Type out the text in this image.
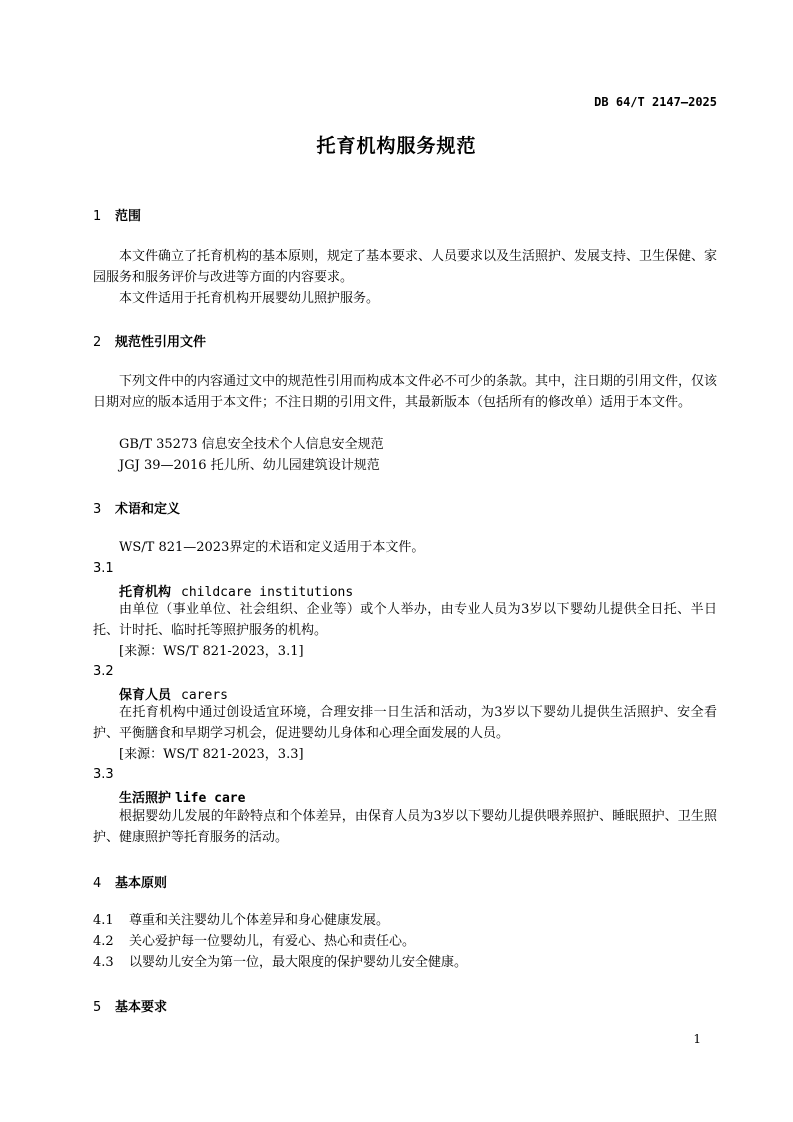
DB 64/T 2147—2025
托育机构服务规范
1 范围
本文件确立了托育机构的基本原则，规定了基本要求、人员要求以及生活照护、发展支持、卫生保健、家园服务和服务评价与改进等方面的内容要求。
本文件适用于托育机构开展婴幼儿照护服务。
2 规范性引用文件
下列文件中的内容通过文中的规范性引用而构成本文件必不可少的条款。其中，注日期的引用文件，仅该日期对应的版本适用于本文件；不注日期的引用文件，其最新版本（包括所有的修改单）适用于本文件。
GB/T 35273 信息安全技术个人信息安全规范
JGJ 39—2016 托儿所、幼儿园建筑设计规范
3 术语和定义
WS/T 821—2023界定的术语和定义适用于本文件。
3.1
托育机构 childcare institutions
由单位（事业单位、社会组织、企业等）或个人举办，由专业人员为3岁以下婴幼儿提供全日托、半日托、计时托、临时托等照护服务的机构。
[来源：WS/T 821-2023，3.1]
3.2
保育人员 carers
在托育机构中通过创设适宜环境，合理安排一日生活和活动，为3岁以下婴幼儿提供生活照护、安全看护、平衡膳食和早期学习机会，促进婴幼儿身体和心理全面发展的人员。
[来源：WS/T 821-2023，3.3]
3.3
生活照护 life care
根据婴幼儿发展的年龄特点和个体差异，由保育人员为3岁以下婴幼儿提供喂养照护、睡眠照护、卫生照护、健康照护等托育服务的活动。
4 基本原则
4.1 尊重和关注婴幼儿个体差异和身心健康发展。
4.2 关心爱护每一位婴幼儿，有爱心、热心和责任心。
4.3 以婴幼儿安全为第一位，最大限度的保护婴幼儿安全健康。
5 基本要求
1
